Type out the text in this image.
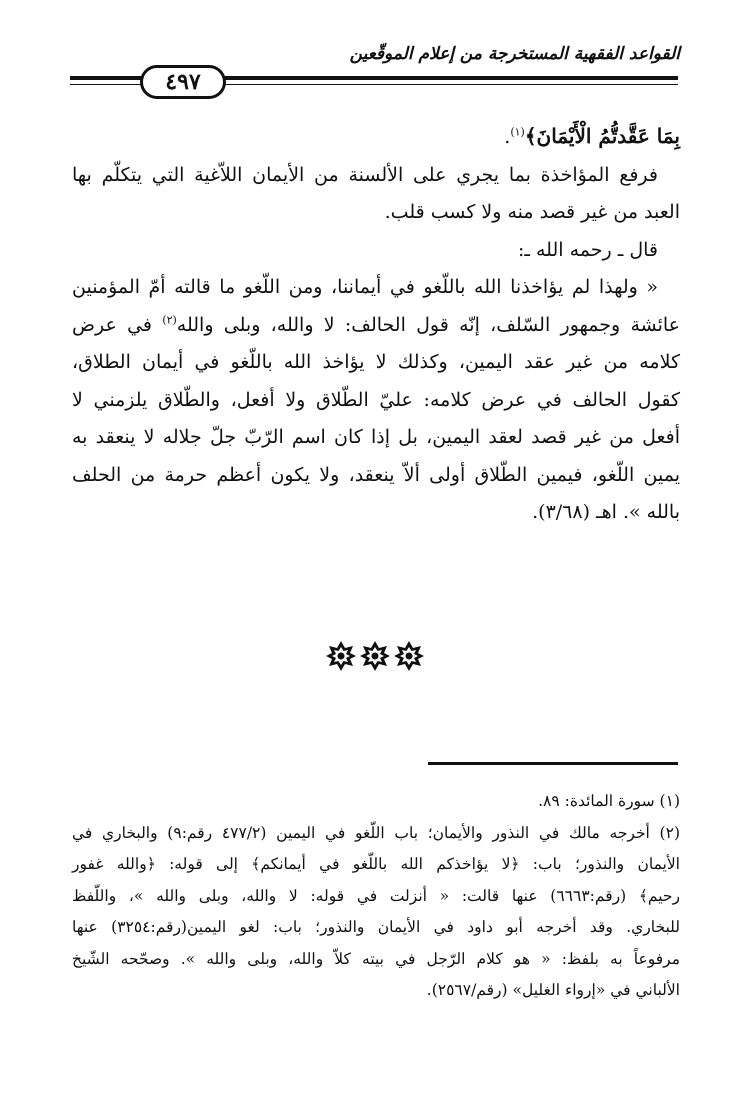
القواعد الفقهية المستخرجة من إعلام الموقّعين
٤٩٧
بِمَا عَقَّدتُّمُ الْأَيْمَانَ﴾$^{(١)}$.
فرفع المؤاخذة بما يجري على الألسنة من الأيمان اللاّغية التي يتكلّم بها
العبد من غير قصد منه ولا كسب قلب.
قال ـ رحمه الله ـ:
« ولهذا لم يؤاخذنا الله باللّغو في أيماننا، ومن اللّغو ما قالته أمّ المؤمنين
عائشة وجمهور السّلف، إنّه قول الحالف: لا والله، وبلى والله$^{(٢)}$ في عرض
كلامه من غير عقد اليمين، وكذلك لا يؤاخذ الله باللّغو في أيمان الطلاق،
كقول الحالف في عرض كلامه: عليّ الطّلاق ولا أفعل، والطّلاق يلزمني لا
أفعل من غير قصد لعقد اليمين، بل إذا كان اسم الرّبّ جلّ جلاله لا ينعقد به
يمين اللّغو، فيمين الطّلاق أولى ألاّ ينعقد، ولا يكون أعظم حرمة من الحلف
بالله ». اهـ (٣/٦٨).
(١) سورة المائدة: ٨٩.
(٢) أخرجه مالك في النذور والأيمان؛ باب اللّغو في اليمين (٤٧٧/٢ رقم:٩) والبخاري في
الأيمان والنذور؛ باب: ﴿لا يؤاخذكم الله باللّغو في أيمانكم﴾ إلى قوله: ﴿والله غفور
رحيم﴾ (رقم:٦٦٦٣) عنها قالت: « أنزلت في قوله: لا والله، وبلى والله »، واللّفظ
للبخاري. وقد أخرجه أبو داود في الأيمان والنذور؛ باب: لغو اليمين(رقم:٣٢٥٤) عنها
مرفوعاً به بلفظ: « هو كلام الرّجل في بيته كلاّ والله، وبلى والله ». وصحّحه الشّيخ
الألباني في «إرواء الغليل» (رقم/٢٥٦٧).
